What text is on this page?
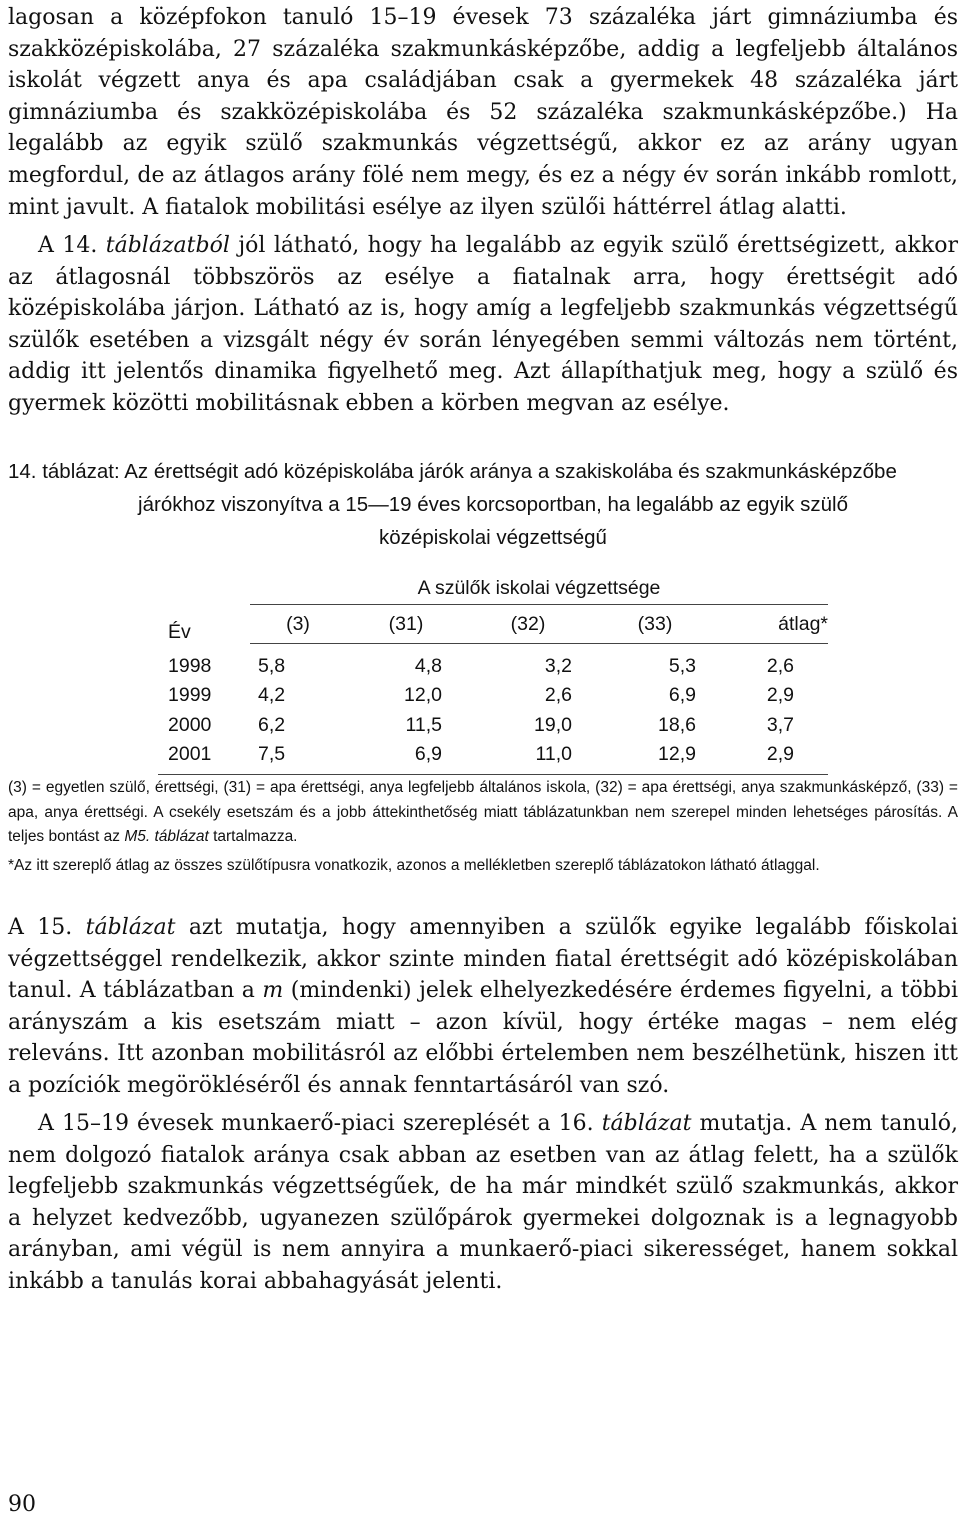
lagosan a középfokon tanuló 15–19 évesek 73 százaléka járt gimnáziumba és szakközépiskolába, 27 százaléka szakmunkásképzőbe, addig a legfeljebb általános iskolát végzett anya és apa családjában csak a gyermekek 48 százaléka járt gimnáziumba és szakközépiskolába és 52 százaléka szakmunkásképzőbe.) Ha legalább az egyik szülő szakmunkás végzettségű, akkor ez az arány ugyan megfordul, de az átlagos arány fölé nem megy, és ez a négy év során inkább romlott, mint javult. A fiatalok mobilitási esélye az ilyen szülői háttérrel átlag alatti.

A 14. táblázatból jól látható, hogy ha legalább az egyik szülő érettségizett, akkor az átlagosnál többszörös az esélye a fiatalnak arra, hogy érettségit adó középiskolába járjon. Látható az is, hogy amíg a legfeljebb szakmunkás végzettségű szülők esetében a vizsgált négy év során lényegében semmi változás nem történt, addig itt jelentős dinamika figyelhető meg. Azt állapíthatjuk meg, hogy a szülő és gyermek közötti mobilitásnak ebben a körben megvan az esélye.

14. táblázat: Az érettségit adó középiskolába járók aránya a szakiskolába és szakmunkásképzőbe
járókhoz viszonyítva a 15—19 éves korcsoportban, ha legalább az egyik szülő
középiskolai végzettségű
Év	A szülők iskolai végzettsége				
	(3)	(31)	(32)	(33)	átlag*
1998	5,8	4,8	3,2	5,3	2,6
1999	4,2	12,0	2,6	6,9	2,9
2000	6,2	11,5	19,0	18,6	3,7
2001	7,5	6,9	11,0	12,9	2,9
(3) = egyetlen szülő, érettségi, (31) = apa érettségi, anya legfeljebb általános iskola, (32) = apa érettségi, anya szakmunkásképző, (33) = apa, anya érettségi. A csekély esetszám és a jobb áttekinthetőség miatt táblázatunkban nem szerepel minden lehetséges párosítás. A teljes bontást az M5. táblázat tartalmazza.
*Az itt szereplő átlag az összes szülőtípusra vonatkozik, azonos a mellékletben szereplő táblázatokon látható átlaggal.

A 15. táblázat azt mutatja, hogy amennyiben a szülők egyike legalább főiskolai végzettséggel rendelkezik, akkor szinte minden fiatal érettségit adó középiskolában tanul. A táblázatban a m (mindenki) jelek elhelyezkedésére érdemes figyelni, a többi arányszám a kis esetszám miatt – azon kívül, hogy értéke magas – nem elég releváns. Itt azonban mobilitásról az előbbi értelemben nem beszélhetünk, hiszen itt a pozíciók megörökléséről és annak fenntartásáról van szó.

A 15–19 évesek munkaerő-piaci szereplését a 16. táblázat mutatja. A nem tanuló, nem dolgozó fiatalok aránya csak abban az esetben van az átlag felett, ha a szülők legfeljebb szakmunkás végzettségűek, de ha már mindkét szülő szakmunkás, akkor a helyzet kedvezőbb, ugyanezen szülőpárok gyermekei dolgoznak is a legnagyobb arányban, ami végül is nem annyira a munkaerő-piaci sikerességet, hanem sokkal inkább a tanulás korai abbahagyását jelenti.

90
